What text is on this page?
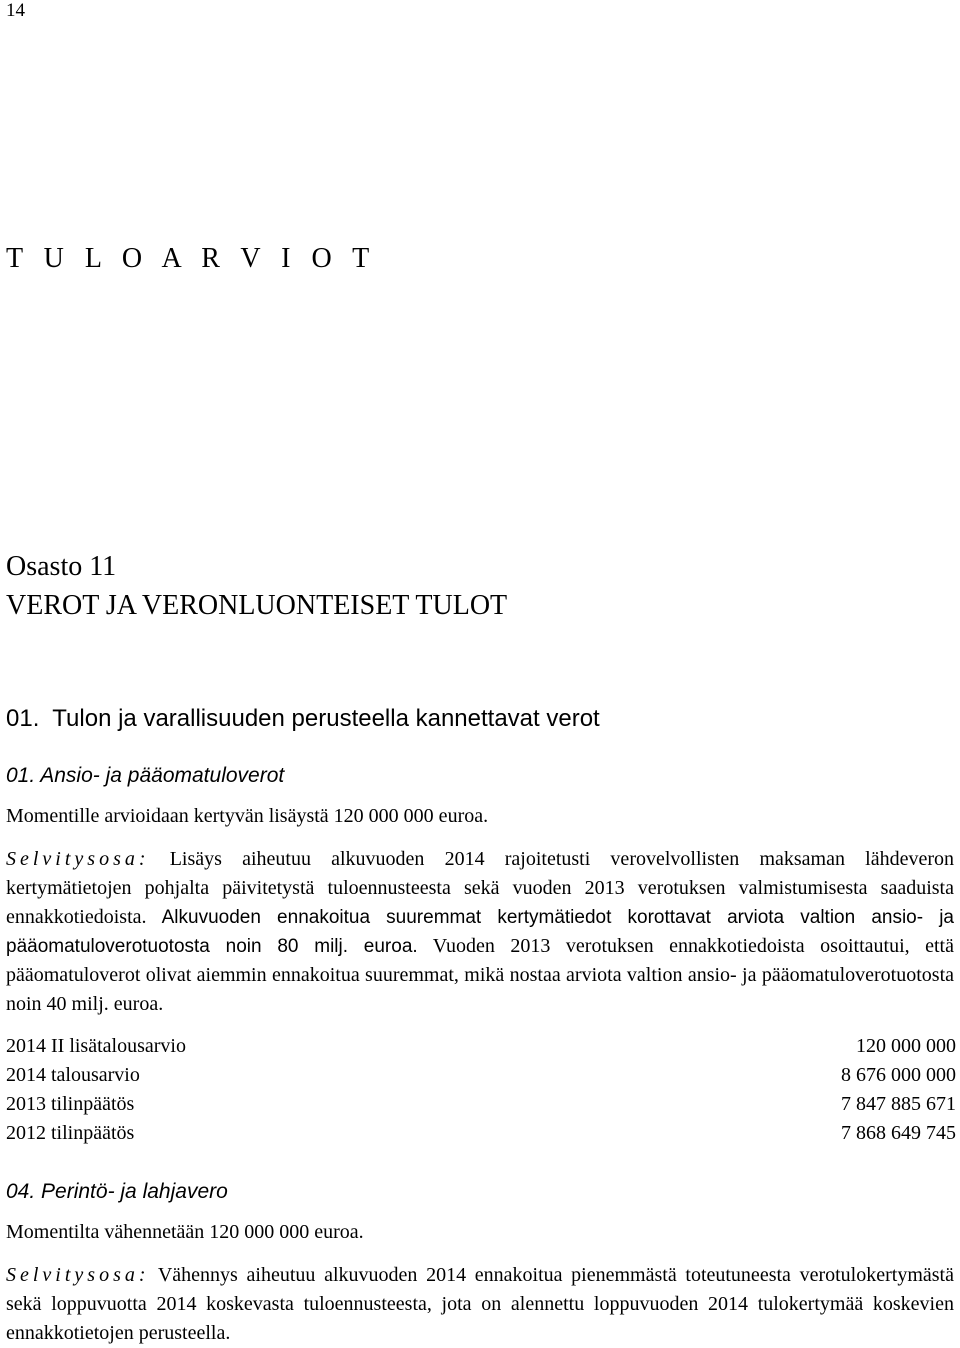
14
T U L O A R V I O T
Osasto 11
VEROT JA VERONLUONTEISET TULOT
01. Tulon ja varallisuuden perusteella kannettavat verot
01. Ansio- ja pääomatuloverot
Momentille arvioidaan kertyvän lisäystä 120 000 000 euroa.
Selvitysosa: Lisäys aiheutuu alkuvuoden 2014 rajoitetusti verovelvollisten maksaman lähdeveron kertymätietojen pohjalta päivitetystä tuloennusteesta sekä vuoden 2013 verotuksen valmistumisesta saaduista ennakkotiedoista. Alkuvuoden ennakoitua suuremmat kertymätiedot korottavat arviota valtion ansio- ja pääomatuloverotuotosta noin 80 milj. euroa. Vuoden 2013 verotuksen ennakkotiedoista osoittautui, että pääomatuloverot olivat aiemmin ennakoitua suuremmat, mikä nostaa arviota valtion ansio- ja pääomatuloverotuotosta noin 40 milj. euroa.
2014 II lisätalousarvio	120 000 000
2014 talousarvio	8 676 000 000
2013 tilinpäätös	7 847 885 671
2012 tilinpäätös	7 868 649 745
04. Perintö- ja lahjavero
Momentilta vähennetään 120 000 000 euroa.
Selvitysosa: Vähennys aiheutuu alkuvuoden 2014 ennakoitua pienemmästä toteutuneesta verotulokertymästä sekä loppuvuotta 2014 koskevasta tuloennusteesta, jota on alennettu loppuvuoden 2014 tulokertymää koskevien ennakkotietojen perusteella.
